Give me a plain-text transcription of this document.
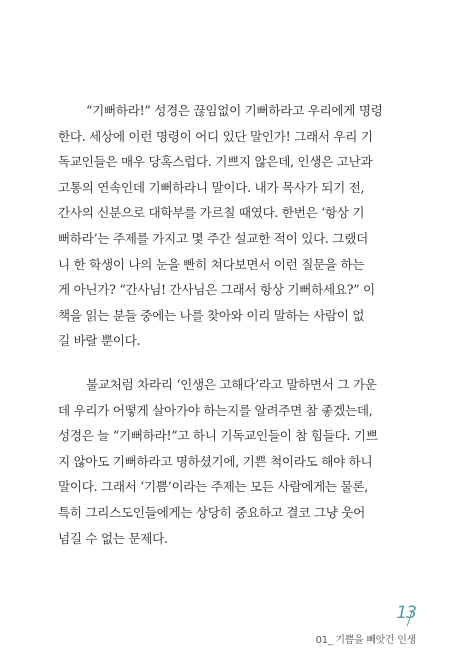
“기뻐하라!” 성경은 끊임없이 기뻐하라고 우리에게 명령
한다. 세상에 이런 명령이 어디 있단 말인가! 그래서 우리 기
독교인들은 매우 당혹스럽다. 기쁘지 않은데, 인생은 고난과
고통의 연속인데 기뻐하라니 말이다. 내가 목사가 되기 전,
간사의 신분으로 대학부를 가르칠 때였다. 한번은 ‘항상 기
뻐하라’는 주제를 가지고 몇 주간 설교한 적이 있다. 그랬더
니 한 학생이 나의 눈을 빤히 쳐다보면서 이런 질문을 하는
게 아닌가? “간사님! 간사님은 그래서 항상 기뻐하세요?” 이
책을 읽는 분들 중에는 나를 찾아와 이리 말하는 사람이 없
길 바랄 뿐이다.
불교처럼 차라리 ‘인생은 고해다’라고 말하면서 그 가운
데 우리가 어떻게 살아가야 하는지를 알려주면 참 좋겠는데,
성경은 늘 “기뻐하라!”고 하니 기독교인들이 참 힘들다. 기쁘
지 않아도 기뻐하라고 명하셨기에, 기쁜 척이라도 해야 하니
말이다. 그래서 ‘기쁨’이라는 주제는 모든 사람에게는 물론,
특히 그리스도인들에게는 상당히 중요하고 결코 그냥 웃어
넘길 수 없는 문제다.
13
01_ 기쁨을 빼앗긴 인생
